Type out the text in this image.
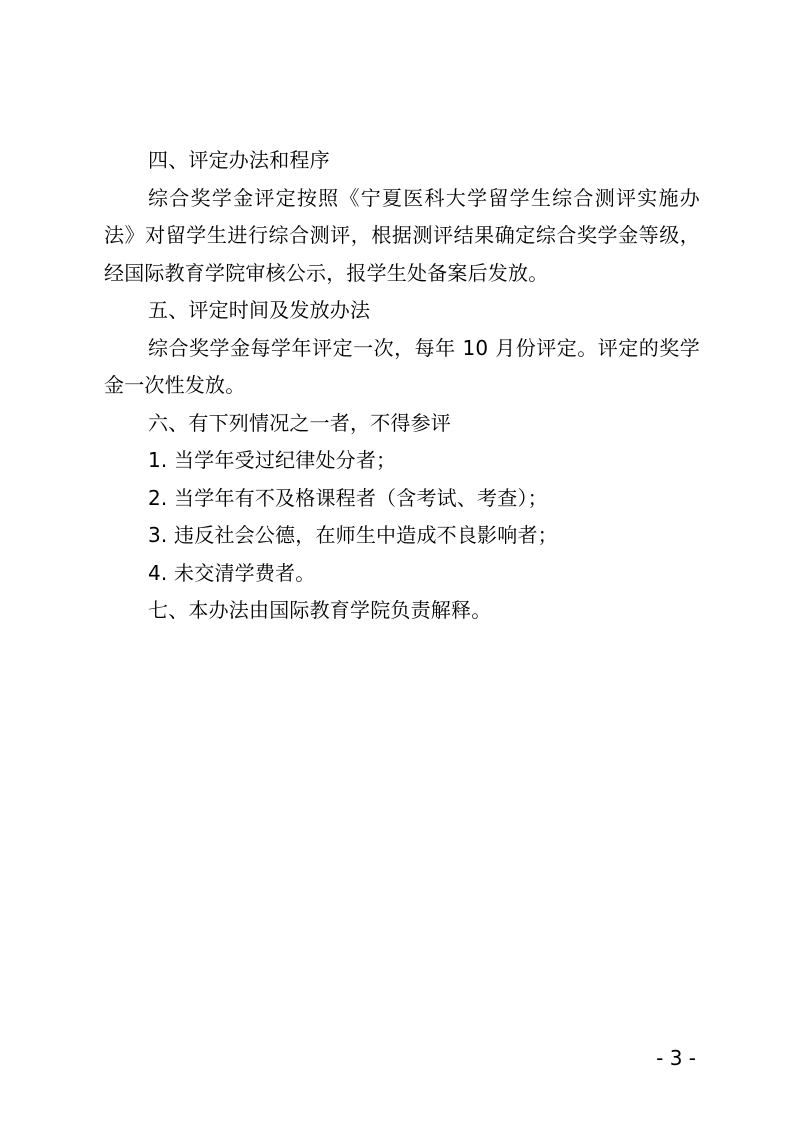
四、评定办法和程序

综合奖学金评定按照《宁夏医科大学留学生综合测评实施办法》对留学生进行综合测评，根据测评结果确定综合奖学金等级，经国际教育学院审核公示，报学生处备案后发放。

五、评定时间及发放办法

综合奖学金每学年评定一次，每年 10 月份评定。评定的奖学金一次性发放。

六、有下列情况之一者，不得参评

1. 当学年受过纪律处分者；

2. 当学年有不及格课程者（含考试、考查）；

3. 违反社会公德，在师生中造成不良影响者；

4. 未交清学费者。

七、本办法由国际教育学院负责解释。

- 3 -
